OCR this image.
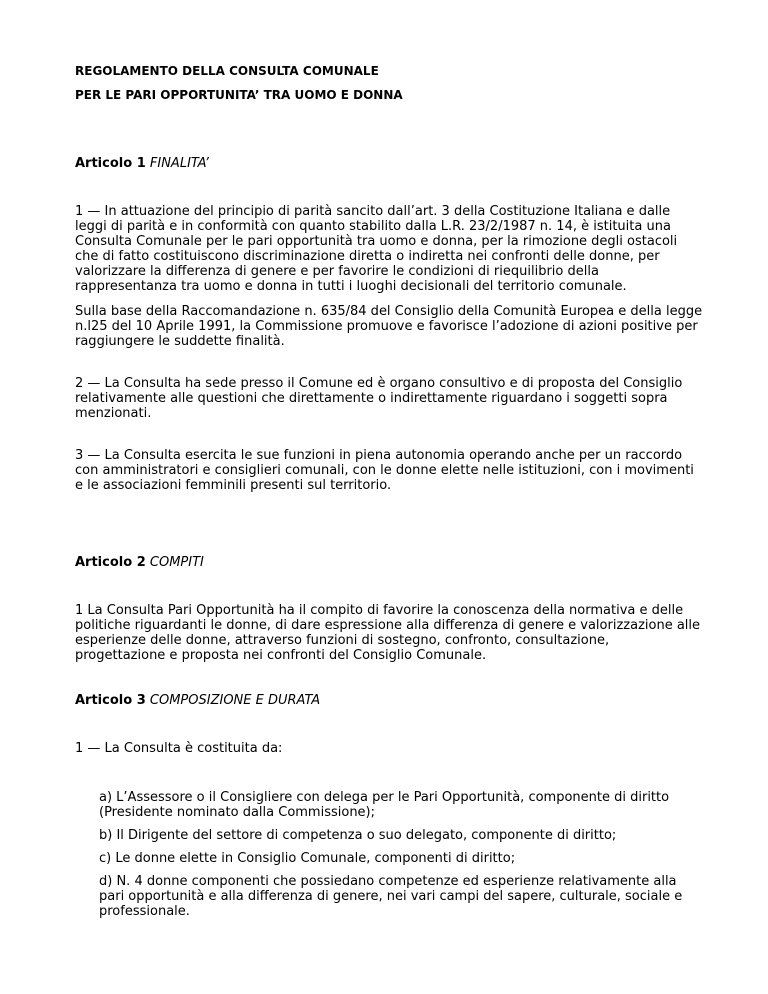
REGOLAMENTO DELLA CONSULTA COMUNALE
PER LE PARI OPPORTUNITA’ TRA UOMO E DONNA
Articolo 1 FINALITA’

1 — In attuazione del principio di parità sancito dall’art. 3 della Costituzione Italiana e dalle leggi di parità e in conformità con quanto stabilito dalla L.R. 23/2/1987 n. 14, è istituita una Consulta Comunale per le pari opportunità tra uomo e donna, per la rimozione degli ostacoli che di fatto costituiscono discriminazione diretta o indiretta nei confronti delle donne, per valorizzare la differenza di genere e per favorire le condizioni di riequilibrio della rappresentanza tra uomo e donna in tutti i luoghi decisionali del territorio comunale.

Sulla base della Raccomandazione n. 635/84 del Consiglio della Comunità Europea e della legge n.l25 del 10 Aprile 1991, la Commissione promuove e favorisce l’adozione di azioni positive per raggiungere le suddette finalità.

2 — La Consulta ha sede presso il Comune ed è organo consultivo e di proposta del Consiglio relativamente alle questioni che direttamente o indirettamente riguardano i soggetti sopra menzionati.

3 — La Consulta esercita le sue funzioni in piena autonomia operando anche per un raccordo con amministratori e consiglieri comunali, con le donne elette nelle istituzioni, con i movimenti e le associazioni femminili presenti sul territorio.

Articolo 2 COMPITI

1 La Consulta Pari Opportunità ha il compito di favorire la conoscenza della normativa e delle politiche riguardanti le donne, di dare espressione alla differenza di genere e valorizzazione alle esperienze delle donne, attraverso funzioni di sostegno, confronto, consultazione, progettazione e proposta nei confronti del Consiglio Comunale.

Articolo 3 COMPOSIZIONE E DURATA

1 — La Consulta è costituita da:

a) L’Assessore o il Consigliere con delega per le Pari Opportunità, componente di diritto (Presidente nominato dalla Commissione);
b) Il Dirigente del settore di competenza o suo delegato, componente di diritto;
c) Le donne elette in Consiglio Comunale, componenti di diritto;
d) N. 4 donne componenti che possiedano competenze ed esperienze relativamente alla pari opportunità e alla differenza di genere, nei vari campi del sapere, culturale, sociale e professionale.
